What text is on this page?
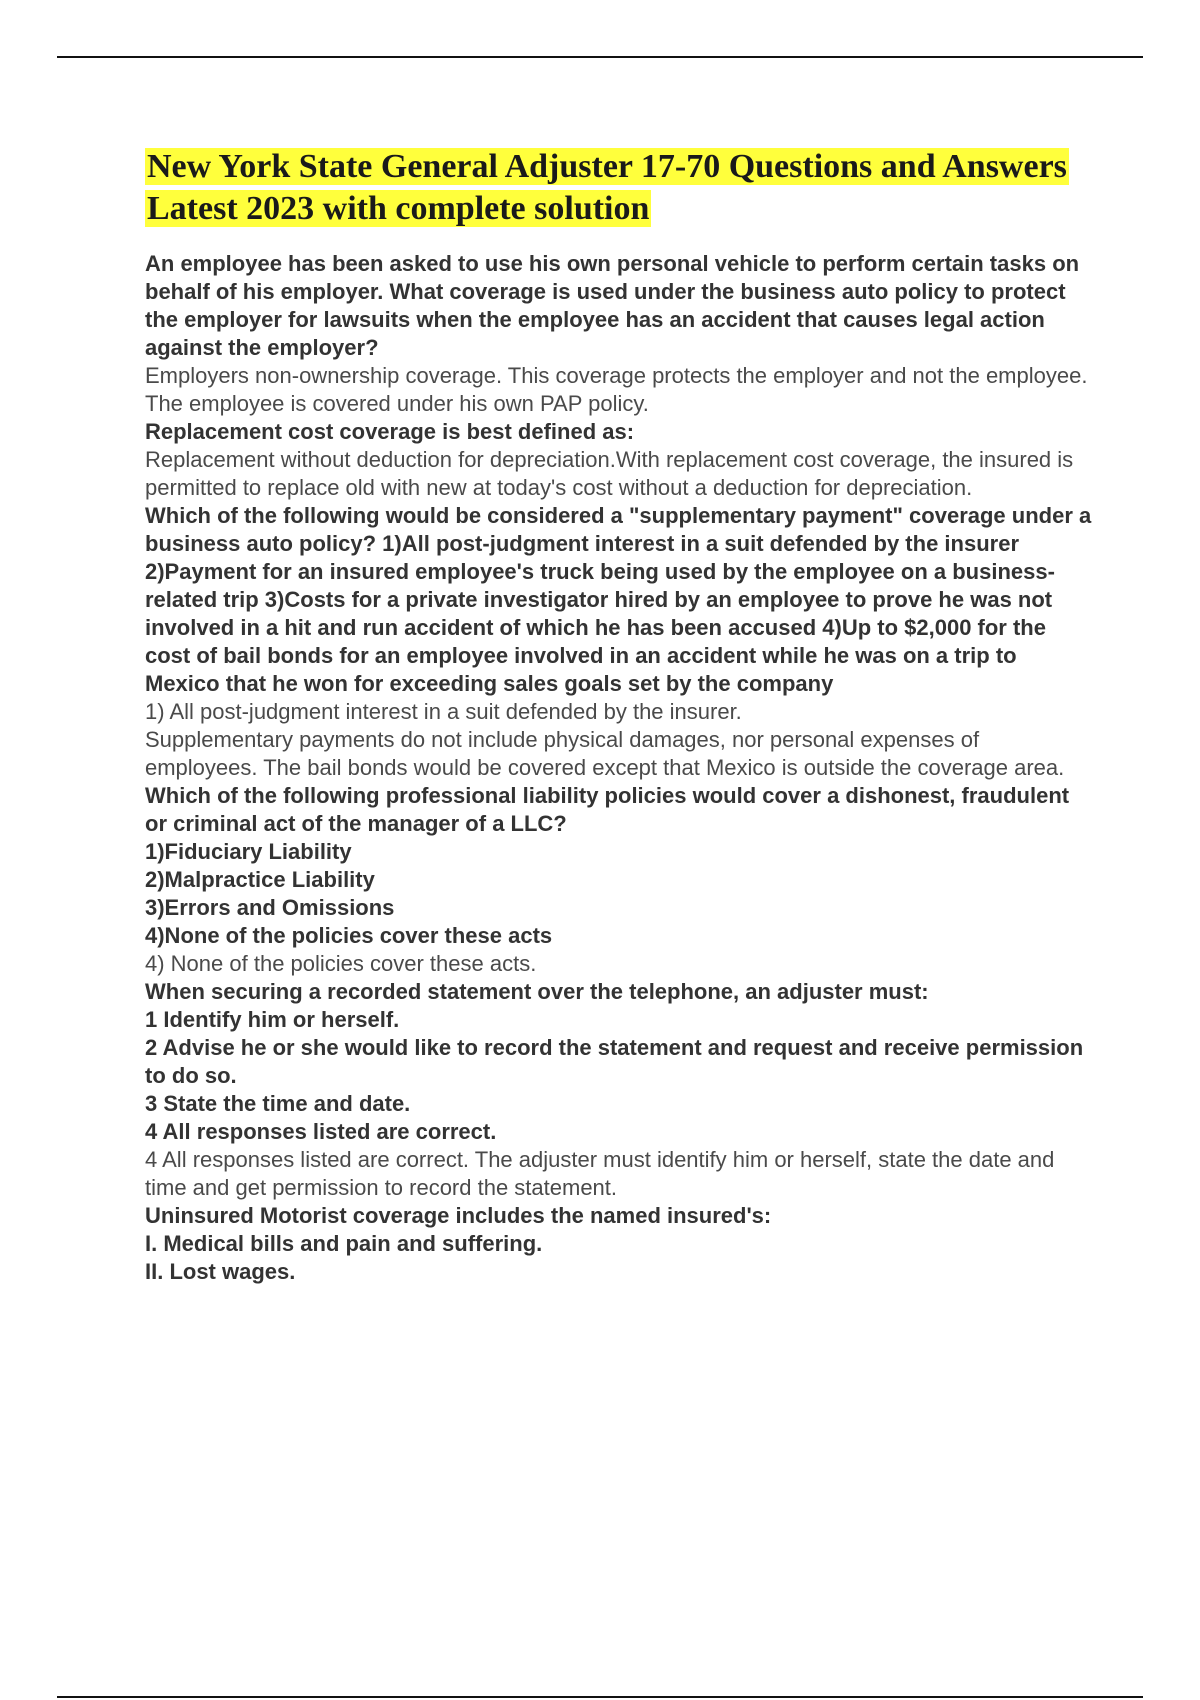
New York State General Adjuster 17-70 Questions and Answers Latest 2023 with complete solution

An employee has been asked to use his own personal vehicle to perform certain tasks on behalf of his employer. What coverage is used under the business auto policy to protect the employer for lawsuits when the employee has an accident that causes legal action against the employer?

Employers non-ownership coverage. This coverage protects the employer and not the employee. The employee is covered under his own PAP policy.

Replacement cost coverage is best defined as:

Replacement without deduction for depreciation.With replacement cost coverage, the insured is permitted to replace old with new at today's cost without a deduction for depreciation.

Which of the following would be considered a "supplementary payment" coverage under a business auto policy? 1)All post-judgment interest in a suit defended by the insurer 2)Payment for an insured employee's truck being used by the employee on a business-related trip 3)Costs for a private investigator hired by an employee to prove he was not involved in a hit and run accident of which he has been accused 4)Up to $2,000 for the cost of bail bonds for an employee involved in an accident while he was on a trip to Mexico that he won for exceeding sales goals set by the company

1) All post-judgment interest in a suit defended by the insurer.

Supplementary payments do not include physical damages, nor personal expenses of employees. The bail bonds would be covered except that Mexico is outside the coverage area.

Which of the following professional liability policies would cover a dishonest, fraudulent or criminal act of the manager of a LLC?

1)Fiduciary Liability

2)Malpractice Liability

3)Errors and Omissions

4)None of the policies cover these acts

4) None of the policies cover these acts.

When securing a recorded statement over the telephone, an adjuster must:

1 Identify him or herself.

2 Advise he or she would like to record the statement and request and receive permission to do so.

3 State the time and date.

4 All responses listed are correct.

4 All responses listed are correct. The adjuster must identify him or herself, state the date and time and get permission to record the statement.

Uninsured Motorist coverage includes the named insured's:

I. Medical bills and pain and suffering.

II. Lost wages.
